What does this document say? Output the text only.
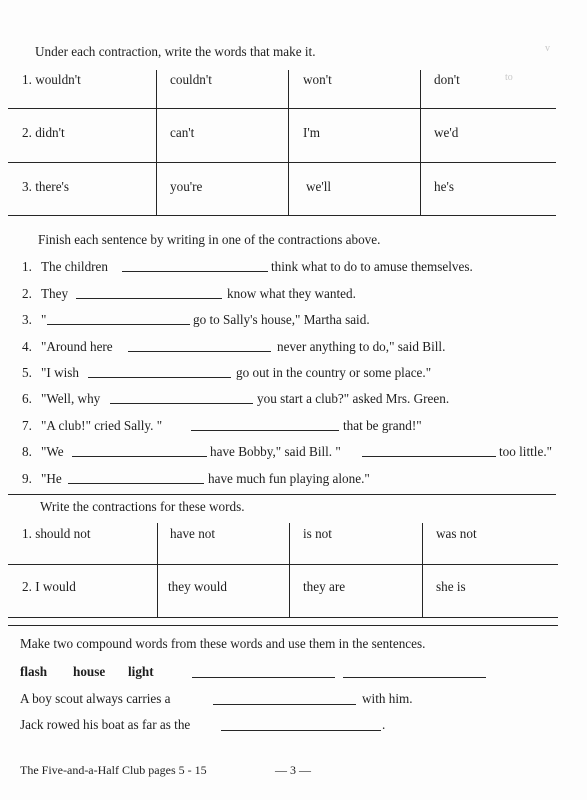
v
to
Under each contraction, write the words that make it.
1. wouldn't	couldn't	won't	don't
2. didn't	can't	I'm	we'd
3. there's	you're	we'll	he's
Finish each sentence by writing in one of the contractions above.
1. The children	think what to do to amuse themselves.
2. They	know what they wanted.
3. "	go to Sally's house," Martha said.
4. "Around here	never anything to do," said Bill.
5. "I wish	go out in the country or some place."
6. "Well, why	you start a club?" asked Mrs. Green.
7. "A club!" cried Sally. "	that be grand!"
8. "We	have Bobby," said Bill. "	too little."
9. "He	have much fun playing alone."
Write the contractions for these words.
1. should not	have not	is not	was not
2. I would	they would	they are	she is
Make two compound words from these words and use them in the sentences.
flash house light
A boy scout always carries a	with him.
Jack rowed his boat as far as the	.
The Five-and-a-Half Club pages 5 - 15	— 3 —
